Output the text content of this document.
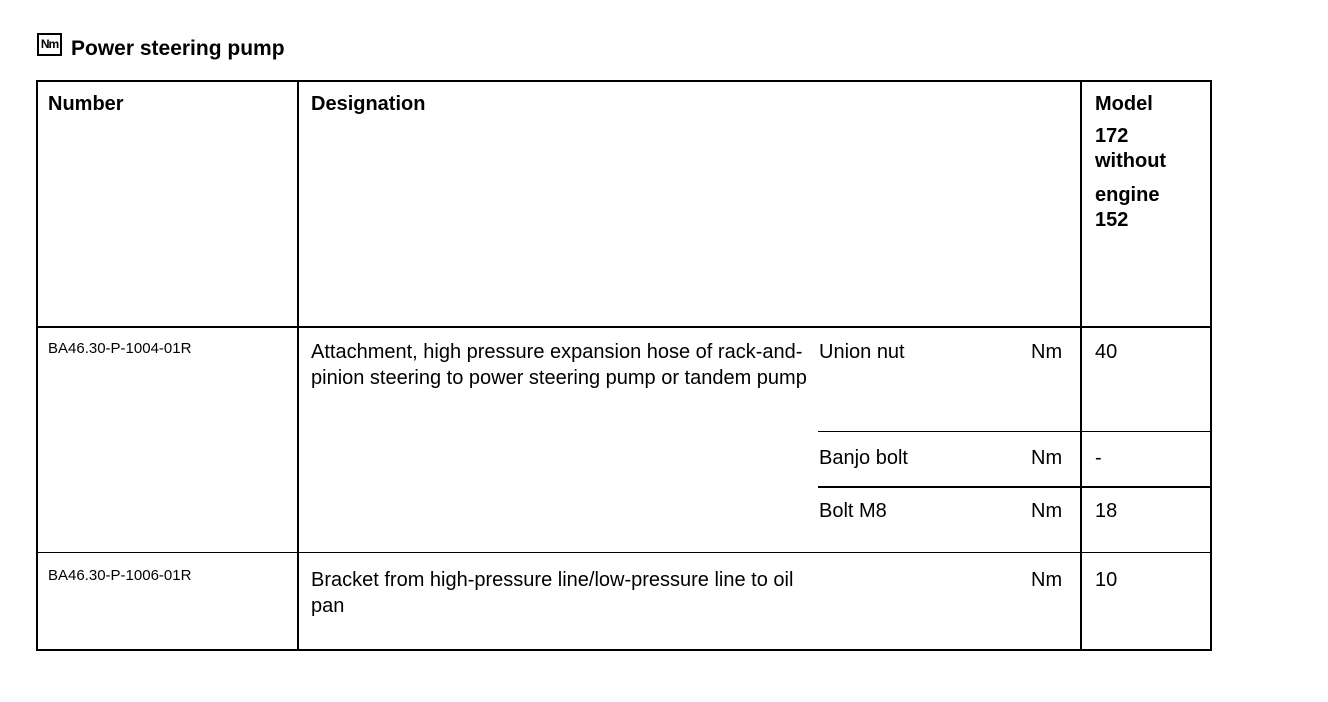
Nm Power steering pump
Number	Designation	Model
172 without
engine 152
BA46.30-P-1004-01R	Attachment, high pressure expansion hose of rack-and-pinion steering to power steering pump or tandem pump
Union nut	Nm 40
Banjo bolt	Nm -
Bolt M8	Nm 18
BA46.30-P-1006-01R	Bracket from high-pressure line/low-pressure line to oil pan
Nm 10
